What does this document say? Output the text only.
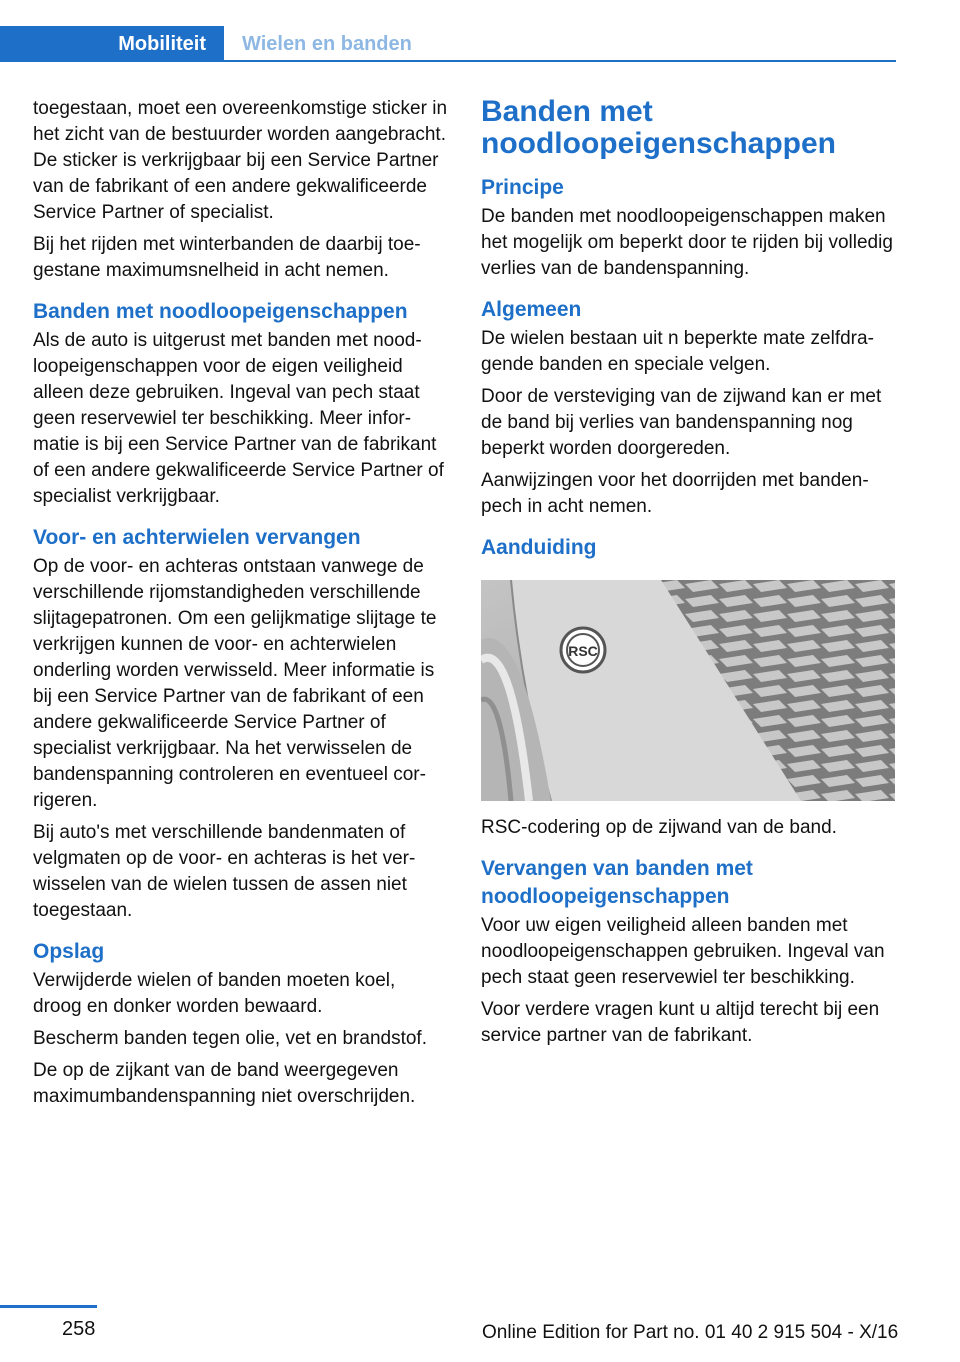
Mobiliteit Wielen en banden

toegestaan, moet een overeenkomstige sticker in het zicht van de bestuurder worden aangebracht. De sticker is verkrijgbaar bij een Service Partner van de fabrikant of een andere gekwalificeerde Service Partner of specialist.

Bij het rijden met winterbanden de daarbij toegestane maximumsnelheid in acht nemen.

Banden met noodloopeigenschappen

Als de auto is uitgerust met banden met noodloopeigenschappen voor de eigen veiligheid alleen deze gebruiken. Ingeval van pech staat geen reservewiel ter beschikking. Meer informatie is bij een Service Partner van de fabrikant of een andere gekwalificeerde Service Partner of specialist verkrijgbaar.

Voor- en achterwielen vervangen

Op de voor- en achteras ontstaan vanwege de verschillende rijomstandigheden verschillende slijtagepatronen. Om een gelijkmatige slijtage te verkrijgen kunnen de voor- en achterwielen onderling worden verwisseld. Meer informatie is bij een Service Partner van de fabrikant of een andere gekwalificeerde Service Partner of specialist verkrijgbaar. Na het verwisselen de bandenspanning controleren en eventueel corrigeren.

Bij auto's met verschillende bandenmaten of velgmaten op de voor- en achteras is het verwisselen van de wielen tussen de assen niet toegestaan.

Opslag

Verwijderde wielen of banden moeten koel, droog en donker worden bewaard.

Bescherm banden tegen olie, vet en brandstof.

De op de zijkant van de band weergegeven maximumbandenspanning niet overschrijden.

Banden met noodloopeigenschappen
Principe

De banden met noodloopeigenschappen maken het mogelijk om beperkt door te rijden bij volledig verlies van de bandenspanning.

Algemeen

De wielen bestaan uit n beperkte mate zelfdragende banden en speciale velgen.

Door de versteviging van de zijwand kan er met de band bij verlies van bandenspanning nog beperkt worden doorgereden.

Aanwijzingen voor het doorrijden met bandenpech in acht nemen.

Aanduiding
RSC

RSC-codering op de zijwand van de band.

Vervangen van banden met noodloopeigenschappen

Voor uw eigen veiligheid alleen banden met noodloopeigenschappen gebruiken. Ingeval van pech staat geen reservewiel ter beschikking.

Voor verdere vragen kunt u altijd terecht bij een service partner van de fabrikant.

258	Online Edition for Part no. 01 40 2 915 504 - X/16
